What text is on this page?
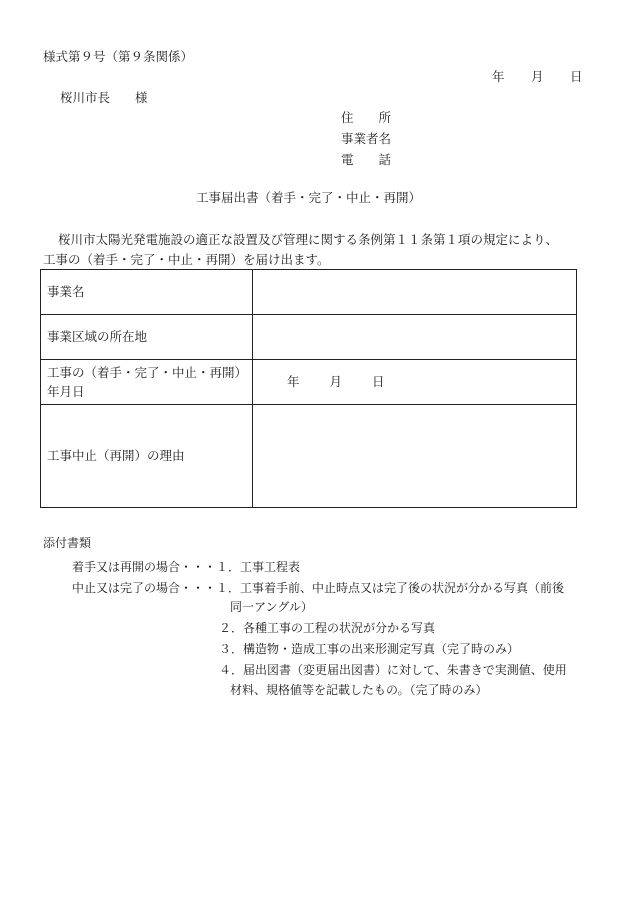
様式第９号（第９条関係）
年 月 日
桜川市長　　様
住　　所
事業者名
電　　話
工事届出書（着手・完了・中止・再開）
桜川市太陽光発電施設の適正な設置及び管理に関する条例第１１条第１項の規定により、
工事の（着手・完了・中止・再開）を届け出ます。
事業名	
事業区域の所在地	

工事の（着手・完了・中止・再開）
年月日	年 月 日
工事中止（再開）の理由	
添付書類
着手又は再開の場合・・・１．工事工程表
中止又は完了の場合・・・１．工事着手前、中止時点又は完了後の状況が分かる写真（前後
同一アングル）
２．各種工事の工程の状況が分かる写真
３．構造物・造成工事の出来形測定写真（完了時のみ）
４．届出図書（変更届出図書）に対して、朱書きで実測値、使用
材料、規格値等を記載したもの。（完了時のみ）
